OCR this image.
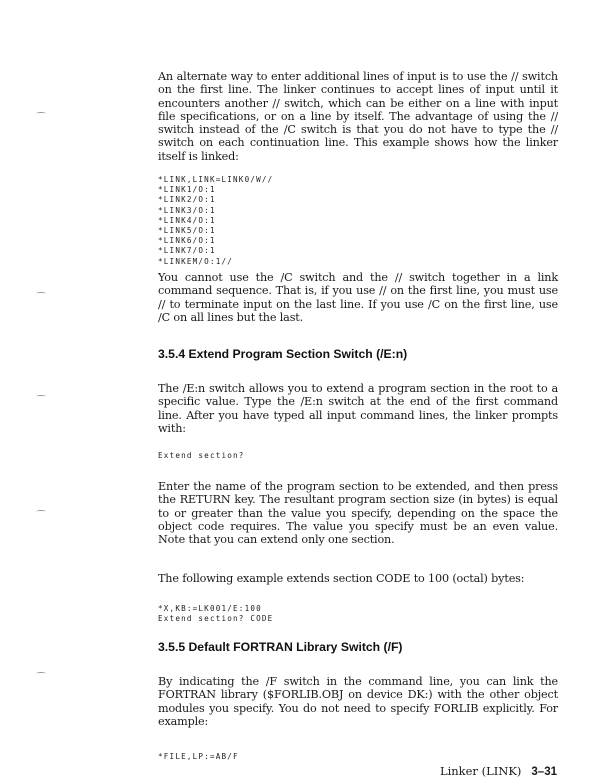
An alternate way to enter additional lines of input is to use the // switch on the first line. The linker continues to accept lines of input until it encounters another // switch, which can be either on a line with input file specifications, or on a line by itself. The advantage of using the // switch instead of the /C switch is that you do not have to type the // switch on each continuation line. This example shows how the linker itself is linked:
*LINK,LINK=LINK0/W//
*LINK1/O:1
*LINK2/O:1
*LINK3/O:1
*LINK4/O:1
*LINK5/O:1
*LINK6/O:1
*LINK7/O:1
*LINKEM/O:1//
You cannot use the /C switch and the // switch together in a link command sequence. That is, if you use // on the first line, you must use // to terminate input on the last line. If you use /C on the first line, use /C on all lines but the last.
3.5.4 Extend Program Section Switch (/E:n)
The /E:n switch allows you to extend a program section in the root to a specific value. Type the /E:n switch at the end of the first command line. After you have typed all input command lines, the linker prompts with:
Extend section?
Enter the name of the program section to be extended, and then press the RETURN key. The resultant program section size (in bytes) is equal to or greater than the value you specify, depending on the space the object code requires. The value you specify must be an even value. Note that you can extend only one section.
The following example extends section CODE to 100 (octal) bytes:
*X,KB:=LK001/E:100
Extend section? CODE
3.5.5 Default FORTRAN Library Switch (/F)
By indicating the /F switch in the command line, you can link the FORTRAN library ($FORLIB.OBJ on device DK:) with the other object modules you specify. You do not need to specify FORLIB explicitly. For example:
*FILE,LP:=AB/F
Linker (LINK) 3–31
